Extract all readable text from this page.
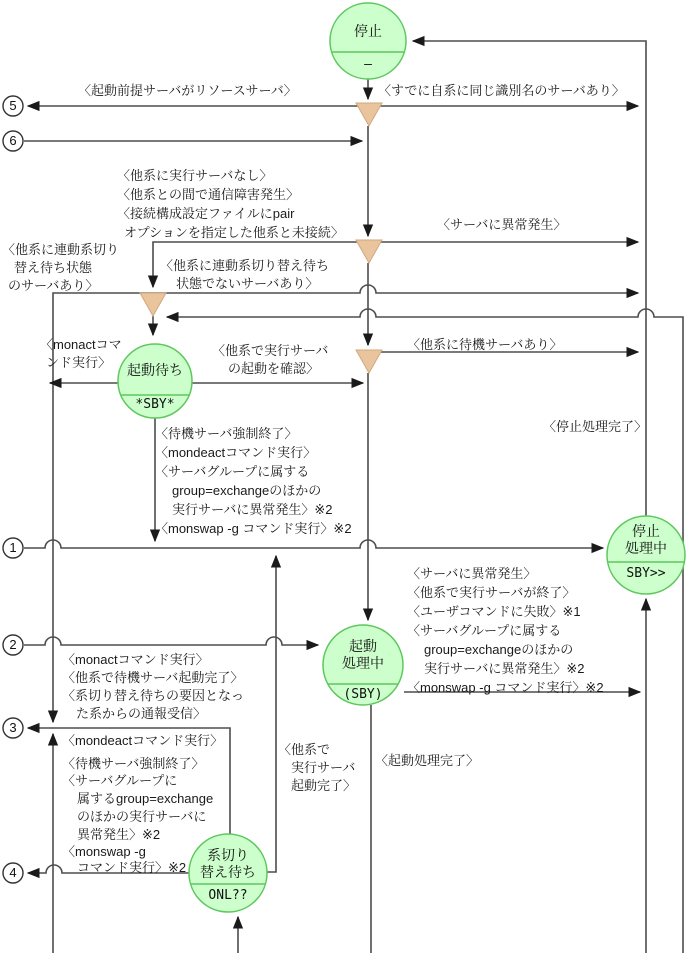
5
6
1
2
3
4
停止
—
起動待ち
*SBY*
停止
処理中
SBY>>
起動
処理中
(SBY)
系切り
替え待ち
ONL??
〈起動前提サーバがリソースサーバ〉	〈すでに自系に同じ識別名のサーバあり〉
〈他系に実行サーバなし〉
〈他系との間で通信障害発生〉
〈接続構成設定ファイルにpair
オプションを指定した他系と未接続〉
〈サーバに異常発生〉
〈他系に連動系切り替え待ち
状態でないサーバあり〉
〈他系に連動系切り
替え待ち状態
のサーバあり〉
〈他系に待機サーバあり〉
〈monactコマ
ンド実行〉
〈他系で実行サーバ
の起動を確認〉
〈停止処理完了〉
〈待機サーバ強制終了〉
〈mondeactコマンド実行〉
〈サーバグループに属する
group=exchangeのほかの
実行サーバに異常発生〉※2
〈monswap -g コマンド実行〉※2
〈サーバに異常発生〉
〈他系で実行サーバが終了〉
〈ユーザコマンドに失敗〉※1
〈サーバグループに属する
group=exchangeのほかの
実行サーバに異常発生〉※2
〈monswap -g コマンド実行〉※2
〈monactコマンド実行〉
〈他系で待機サーバ起動完了〉
〈系切り替え待ちの要因となっ
た系からの通報受信〉
〈mondeactコマンド実行〉
〈待機サーバ強制終了〉
〈サーバグループに
属するgroup=exchange
のほかの実行サーバに
異常発生〉※2
〈monswap -g
コマンド実行〉※2
〈他系で
実行サーバ
起動完了〉
〈起動処理完了〉
